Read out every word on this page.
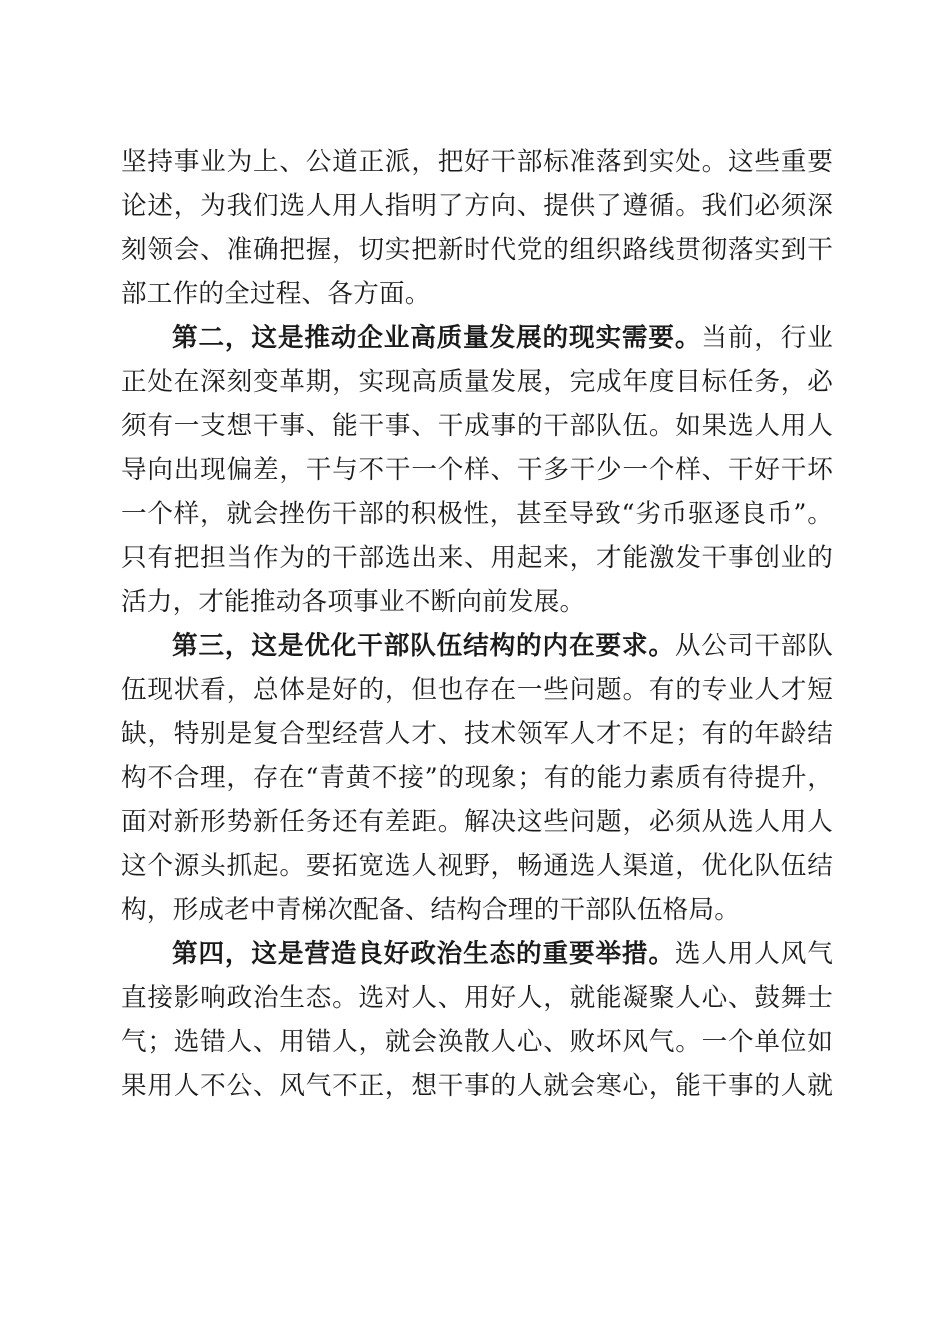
坚持事业为上、公道正派，把好干部标准落到实处。这些重要
论述，为我们选人用人指明了方向、提供了遵循。我们必须深
刻领会、准确把握，切实把新时代党的组织路线贯彻落实到干
部工作的全过程、各方面。
第二，这是推动企业高质量发展的现实需要。当前，行业
正处在深刻变革期，实现高质量发展，完成年度目标任务，必
须有一支想干事、能干事、干成事的干部队伍。如果选人用人
导向出现偏差，干与不干一个样、干多干少一个样、干好干坏
一个样，就会挫伤干部的积极性，甚至导致“劣币驱逐良币”。
只有把担当作为的干部选出来、用起来，才能激发干事创业的
活力，才能推动各项事业不断向前发展。
第三，这是优化干部队伍结构的内在要求。从公司干部队
伍现状看，总体是好的，但也存在一些问题。有的专业人才短
缺，特别是复合型经营人才、技术领军人才不足；有的年龄结
构不合理，存在“青黄不接”的现象；有的能力素质有待提升，
面对新形势新任务还有差距。解决这些问题，必须从选人用人
这个源头抓起。要拓宽选人视野，畅通选人渠道，优化队伍结
构，形成老中青梯次配备、结构合理的干部队伍格局。
第四，这是营造良好政治生态的重要举措。选人用人风气
直接影响政治生态。选对人、用好人，就能凝聚人心、鼓舞士
气；选错人、用错人，就会涣散人心、败坏风气。一个单位如
果用人不公、风气不正，想干事的人就会寒心，能干事的人就
